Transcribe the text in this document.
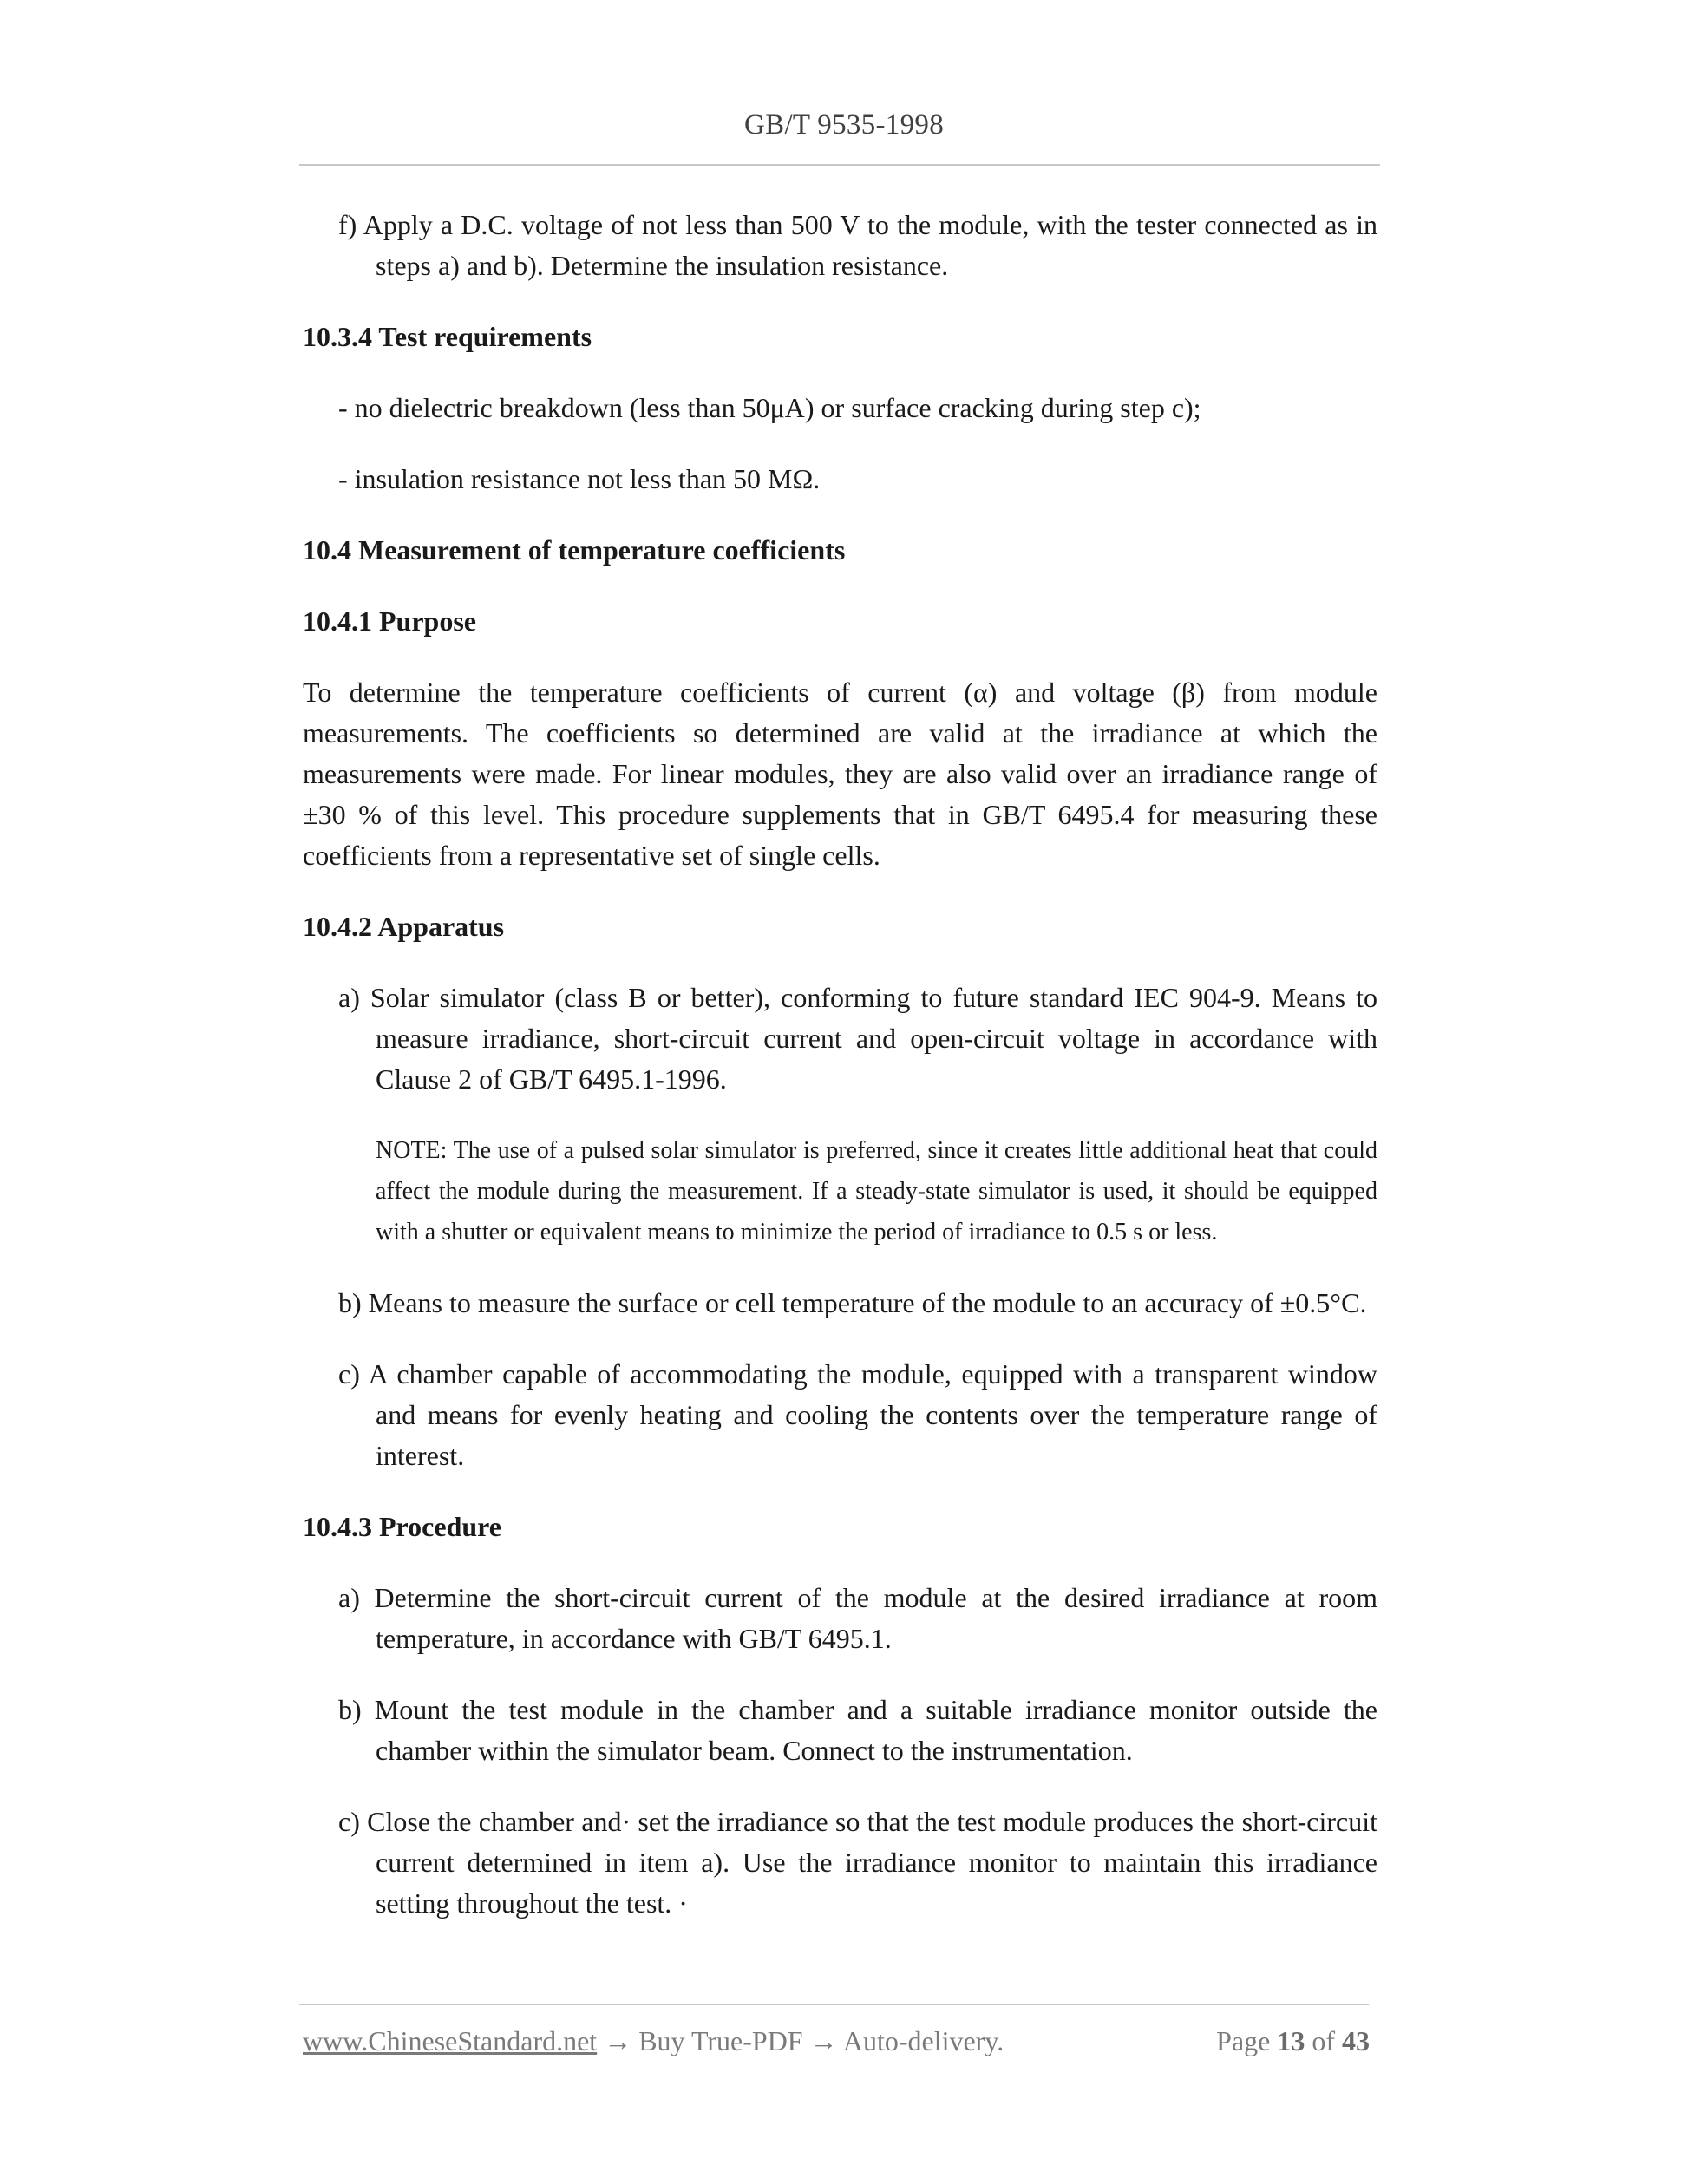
GB/T 9535-1998

f) Apply a D.C. voltage of not less than 500 V to the module, with the tester connected as in steps a) and b). Determine the insulation resistance.

10.3.4 Test requirements

- no dielectric breakdown (less than 50μA) or surface cracking during step c);

- insulation resistance not less than 50 MΩ.

10.4 Measurement of temperature coefficients

10.4.1 Purpose

To determine the temperature coefficients of current (α) and voltage (β) from module measurements. The coefficients so determined are valid at the irradiance at which the measurements were made. For linear modules, they are also valid over an irradiance range of ±30 % of this level. This procedure supplements that in GB/T 6495.4 for measuring these coefficients from a representative set of single cells.

10.4.2 Apparatus

a) Solar simulator (class B or better), conforming to future standard IEC 904-9. Means to measure irradiance, short-circuit current and open-circuit voltage in accordance with Clause 2 of GB/T 6495.1-1996.

NOTE: The use of a pulsed solar simulator is preferred, since it creates little additional heat that could affect the module during the measurement. If a steady-state simulator is used, it should be equipped with a shutter or equivalent means to minimize the period of irradiance to 0.5 s or less.

b) Means to measure the surface or cell temperature of the module to an accuracy of ±0.5°C.

c) A chamber capable of accommodating the module, equipped with a transparent window and means for evenly heating and cooling the contents over the temperature range of interest.

10.4.3 Procedure

a) Determine the short-circuit current of the module at the desired irradiance at room temperature, in accordance with GB/T 6495.1.

b) Mount the test module in the chamber and a suitable irradiance monitor outside the chamber within the simulator beam. Connect to the instrumentation.

c) Close the chamber and· set the irradiance so that the test module produces the short-circuit current determined in item a). Use the irradiance monitor to maintain this irradiance setting throughout the test. ·

www.ChineseStandard.net → Buy True-PDF → Auto-delivery.	Page 13 of 43
